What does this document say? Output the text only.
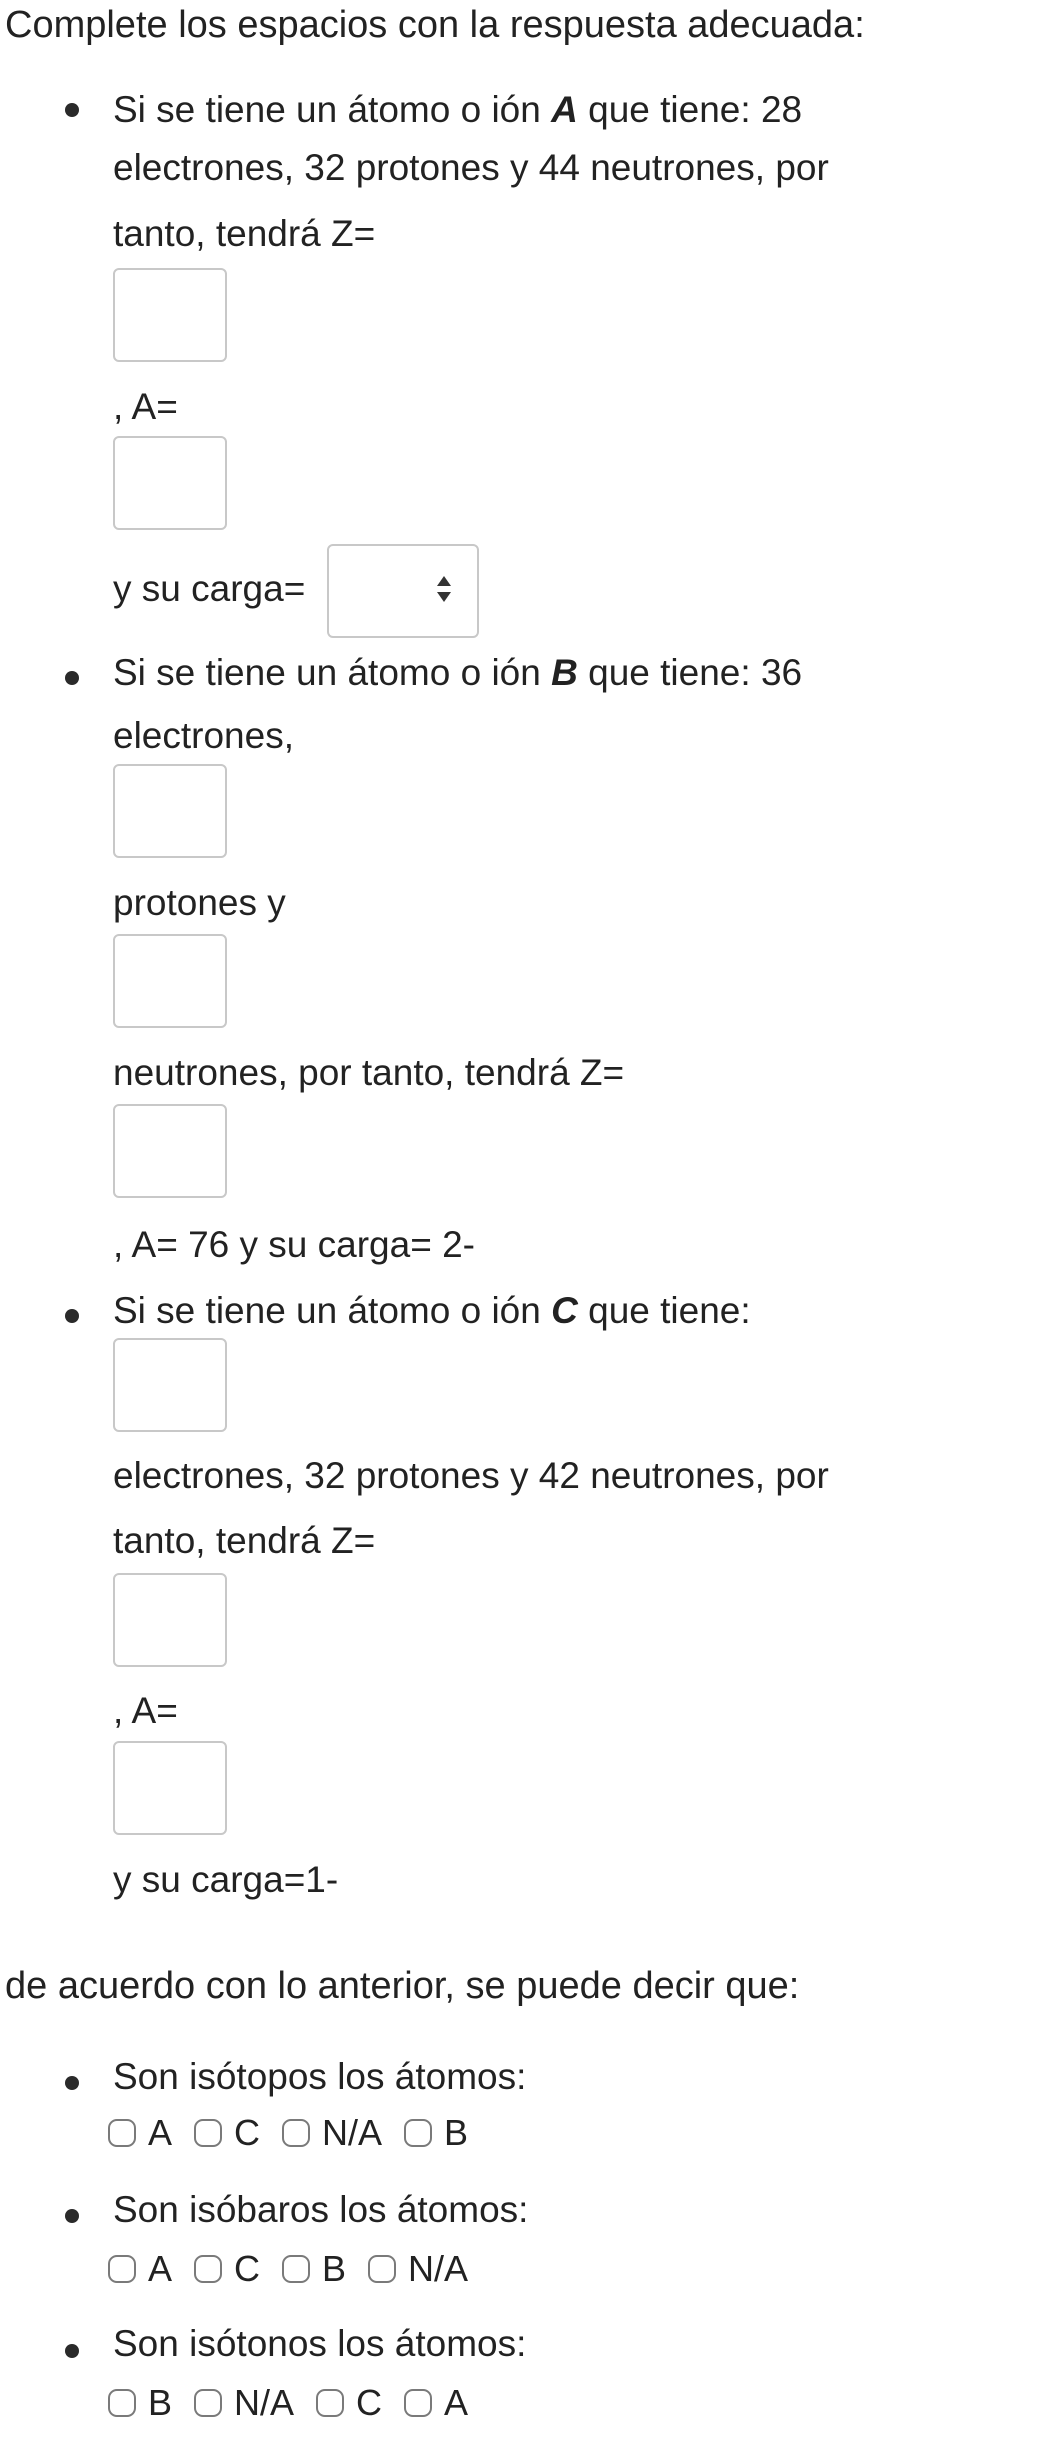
Complete los espacios con la respuesta adecuada:
Si se tiene un átomo o ión A que tiene: 28
electrones, 32 protones y 44 neutrones, por
tanto, tendrá Z=
, A=
y su carga=
Si se tiene un átomo o ión B que tiene: 36
electrones,
protones y
neutrones, por tanto, tendrá Z=
, A= 76 y su carga= 2-
Si se tiene un átomo o ión C que tiene:
electrones, 32 protones y 42 neutrones, por
tanto, tendrá Z=
, A=
y su carga=1-
de acuerdo con lo anterior, se puede decir que:
Son isótopos los átomos:
A C N/A B
Son isóbaros los átomos:
A C B N/A
Son isótonos los átomos:
B N/A C A
